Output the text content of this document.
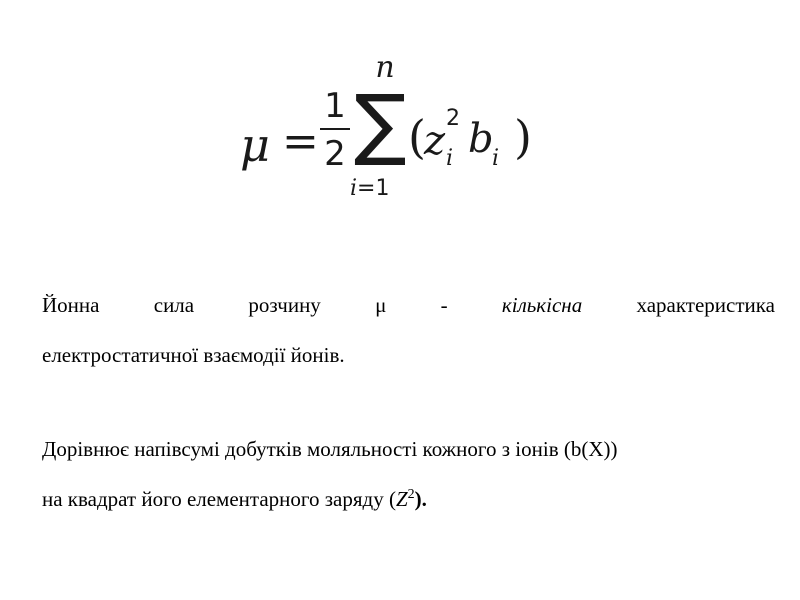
μ =
1
2
n
∑
i=1
(
z 2
i b
i )
Йонна	сила	розчину	μ	-	кількісна	характеристика
електростатичної взаємодії йонів.
Дорівнює напівсумі добутків моляльності кожного з іонів (b(X))
на квадрат його елементарного заряду $(Z^2)$.
